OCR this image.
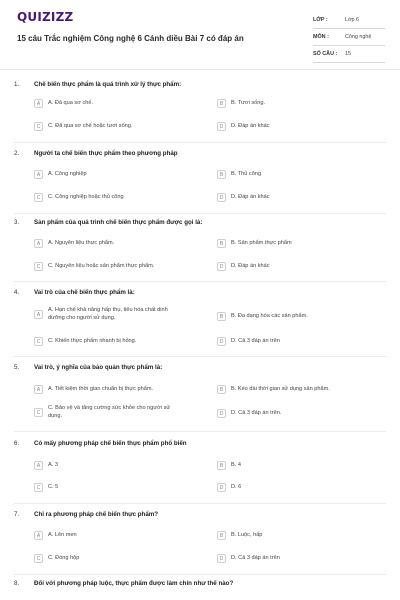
QUIZIZZ
15 câu Trắc nghiệm Công nghệ 6 Cánh diều Bài 7 có đáp án
LỚP :	Lớp 6
MÔN :	Công nghệ
SỐ CÂU :	15
1. Chế biến thực phẩm là quá trình xử lý thực phẩm:
A	A. Đã qua sơ chế.	B	B. Tươi sống.
C	C. Đã qua sơ chế hoặc tươi sống.	D	D. Đáp án khác
2. Người ta chế biến thực phẩm theo phương pháp
A	A. Công nghiệp	B	B. Thủ công
C	C. Công nghiệp hoặc thủ công	D	D. Đáp án khác
3. Sản phẩm của quá trình chế biến thực phẩm được gọi là:
A	A. Nguyên liệu thực phẩm.	B	B. Sản phẩm thực phẩm
C	C. Nguyên liệu hoặc sản phẩm thực phẩm.	D	D. Đáp án khác
4. Vai trò của chế biến thực phẩm là:
A
A. Hạn chế khả năng hấp thụ, tiêu hóa chất dinh dưỡng cho người sử dụng.	B	B. Đa dạng hóa các sản phẩm.
C	C. Khiến thực phẩm nhanh bị hỏng.	D	D. Cả 3 đáp án trên
5. Vai trò, ý nghĩa của bảo quản thực phẩm là:
A	A. Tiết kiệm thời gian chuẩn bị thực phẩm.	B	B. Kéo dài thời gian sử dụng sản phẩm.
C
C. Bảo vệ và tăng cường sức khỏe cho người sử dụng.	D	D. Cả 3 đáp án trên.
6. Có mấy phương pháp chế biến thực phẩm phổ biến
A	A. 3	B	B. 4
C	C. 5	D	D. 6
7. Chỉ ra phương pháp chế biến thực phẩm?
A	A. Lên men	B	B. Luộc, hấp
C	C. Đóng hộp	D	D. Cả 3 đáp án trên
8. Đối với phương pháp luộc, thực phẩm được làm chín như thế nào?
